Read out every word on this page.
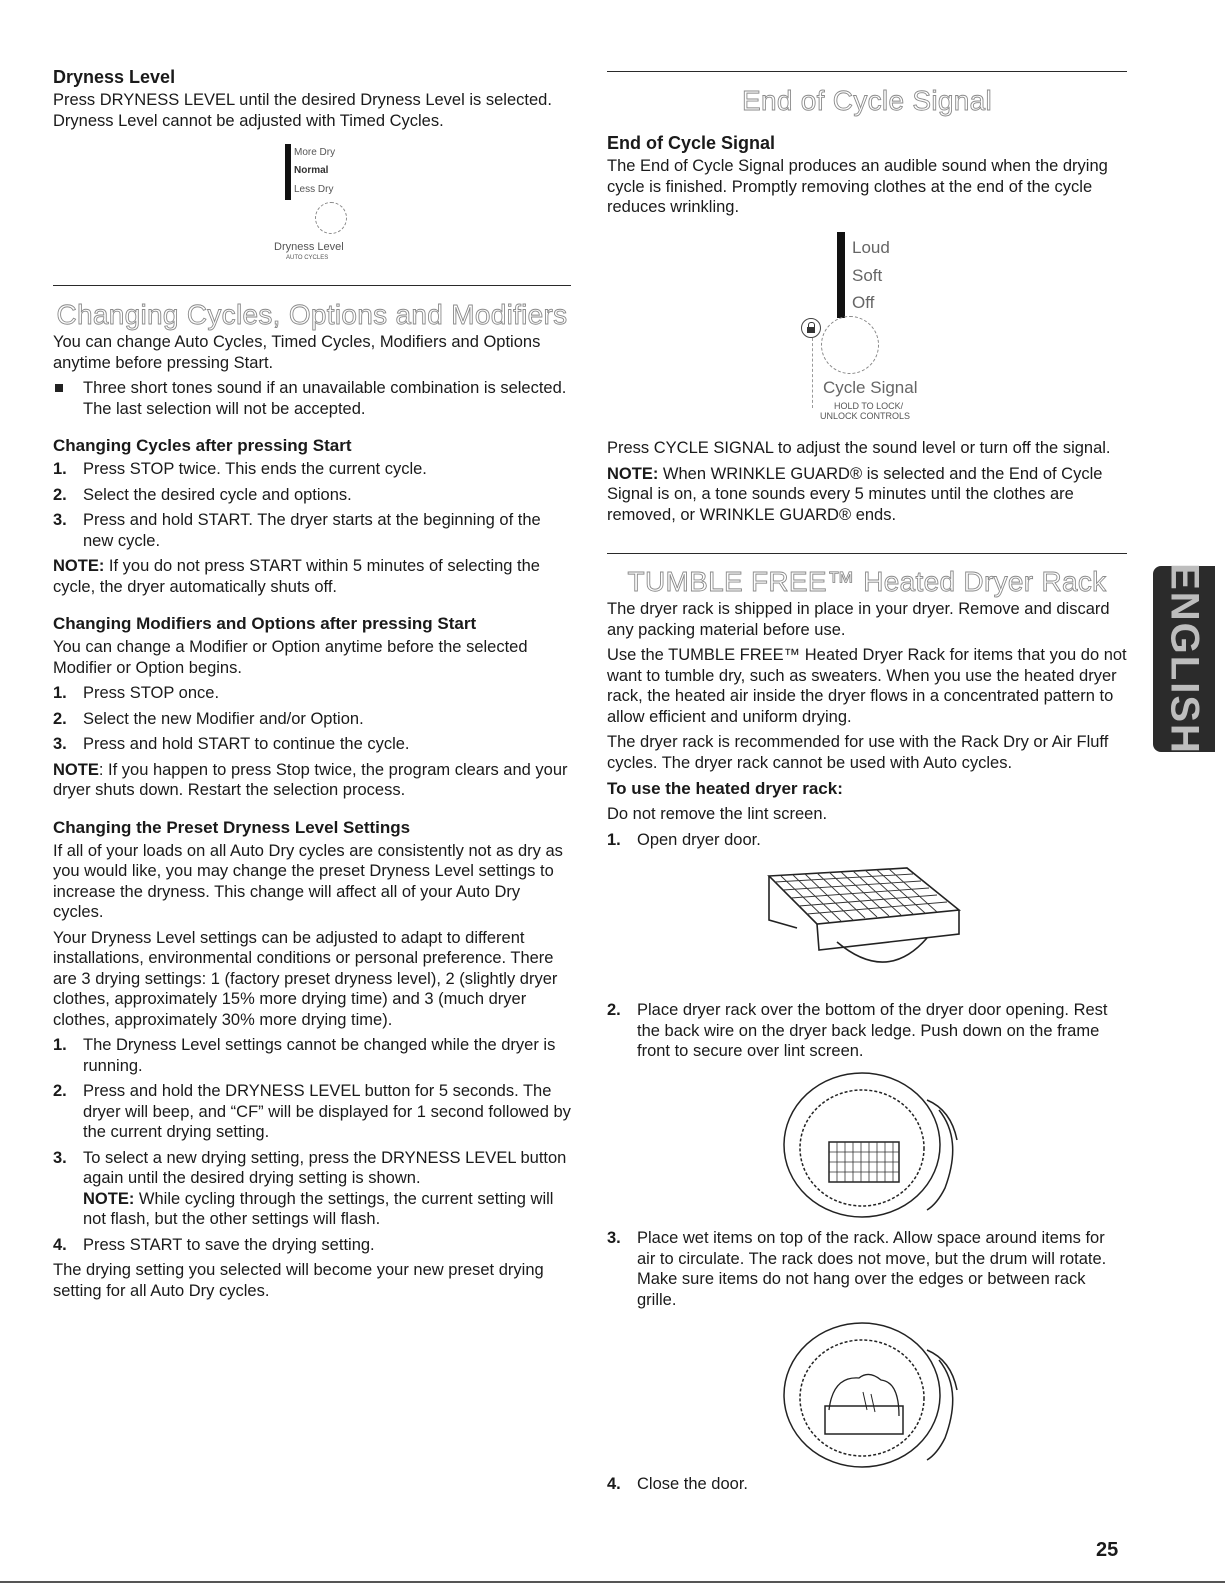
Dryness Level

Press DRYNESS LEVEL until the desired Dryness Level is selected. Dryness Level cannot be adjusted with Timed Cycles.

More Dry
Normal
Less Dry
Dryness Level
AUTO CYCLES
Changing Cycles, Options and Modifiers

You can change Auto Cycles, Timed Cycles, Modifiers and Options anytime before pressing Start.

Three short tones sound if an unavailable combination is selected. The last selection will not be accepted.
Changing Cycles after pressing Start
1. Press STOP twice. This ends the current cycle.
2. Select the desired cycle and options.
3. Press and hold START. The dryer starts at the beginning of the new cycle.

NOTE: If you do not press START within 5 minutes of selecting the cycle, the dryer automatically shuts off.

Changing Modifiers and Options after pressing Start

You can change a Modifier or Option anytime before the selected Modifier or Option begins.

1. Press STOP once.
2. Select the new Modifier and/or Option.
3. Press and hold START to continue the cycle.

NOTE: If you happen to press Stop twice, the program clears and your dryer shuts down. Restart the selection process.

Changing the Preset Dryness Level Settings

If all of your loads on all Auto Dry cycles are consistently not as dry as you would like, you may change the preset Dryness Level settings to increase the dryness. This change will affect all of your Auto Dry cycles.

Your Dryness Level settings can be adjusted to adapt to different installations, environmental conditions or personal preference. There are 3 drying settings: 1 (factory preset dryness level), 2 (slightly dryer clothes, approximately 15% more drying time) and 3 (much dryer clothes, approximately 30% more drying time).

1. The Dryness Level settings cannot be changed while the dryer is running.
2. Press and hold the DRYNESS LEVEL button for 5 seconds. The dryer will beep, and “CF” will be displayed for 1 second followed by the current drying setting.
3. To select a new drying setting, press the DRYNESS LEVEL button again until the desired drying setting is shown.
NOTE: While cycling through the settings, the current setting will not flash, but the other settings will flash.
4. Press START to save the drying setting.

The drying setting you selected will become your new preset drying setting for all Auto Dry cycles.

End of Cycle Signal
End of Cycle Signal

The End of Cycle Signal produces an audible sound when the drying cycle is finished. Promptly removing clothes at the end of the cycle reduces wrinkling.

Loud
Soft
Off
Cycle Signal
HOLD TO LOCK/
UNLOCK CONTROLS

Press CYCLE SIGNAL to adjust the sound level or turn off the signal.

NOTE: When WRINKLE GUARD® is selected and the End of Cycle Signal is on, a tone sounds every 5 minutes until the clothes are removed, or WRINKLE GUARD® ends.

TUMBLE FREE™ Heated Dryer Rack

The dryer rack is shipped in place in your dryer. Remove and discard any packing material before use.

Use the TUMBLE FREE™ Heated Dryer Rack for items that you do not want to tumble dry, such as sweaters. When you use the heated dryer rack, the heated air inside the dryer flows in a concentrated pattern to allow efficient and uniform drying.

The dryer rack is recommended for use with the Rack Dry or Air Fluff cycles. The dryer rack cannot be used with Auto cycles.

To use the heated dryer rack:

Do not remove the lint screen.

1. Open dryer door.
2. Place dryer rack over the bottom of the dryer door opening. Rest the back wire on the dryer back ledge. Push down on the frame front to secure over lint screen.
3. Place wet items on top of the rack. Allow space around items for air to circulate. The rack does not move, but the drum will rotate. Make sure items do not hang over the edges or between rack grille.
4. Close the door.
ENGLISH
25
